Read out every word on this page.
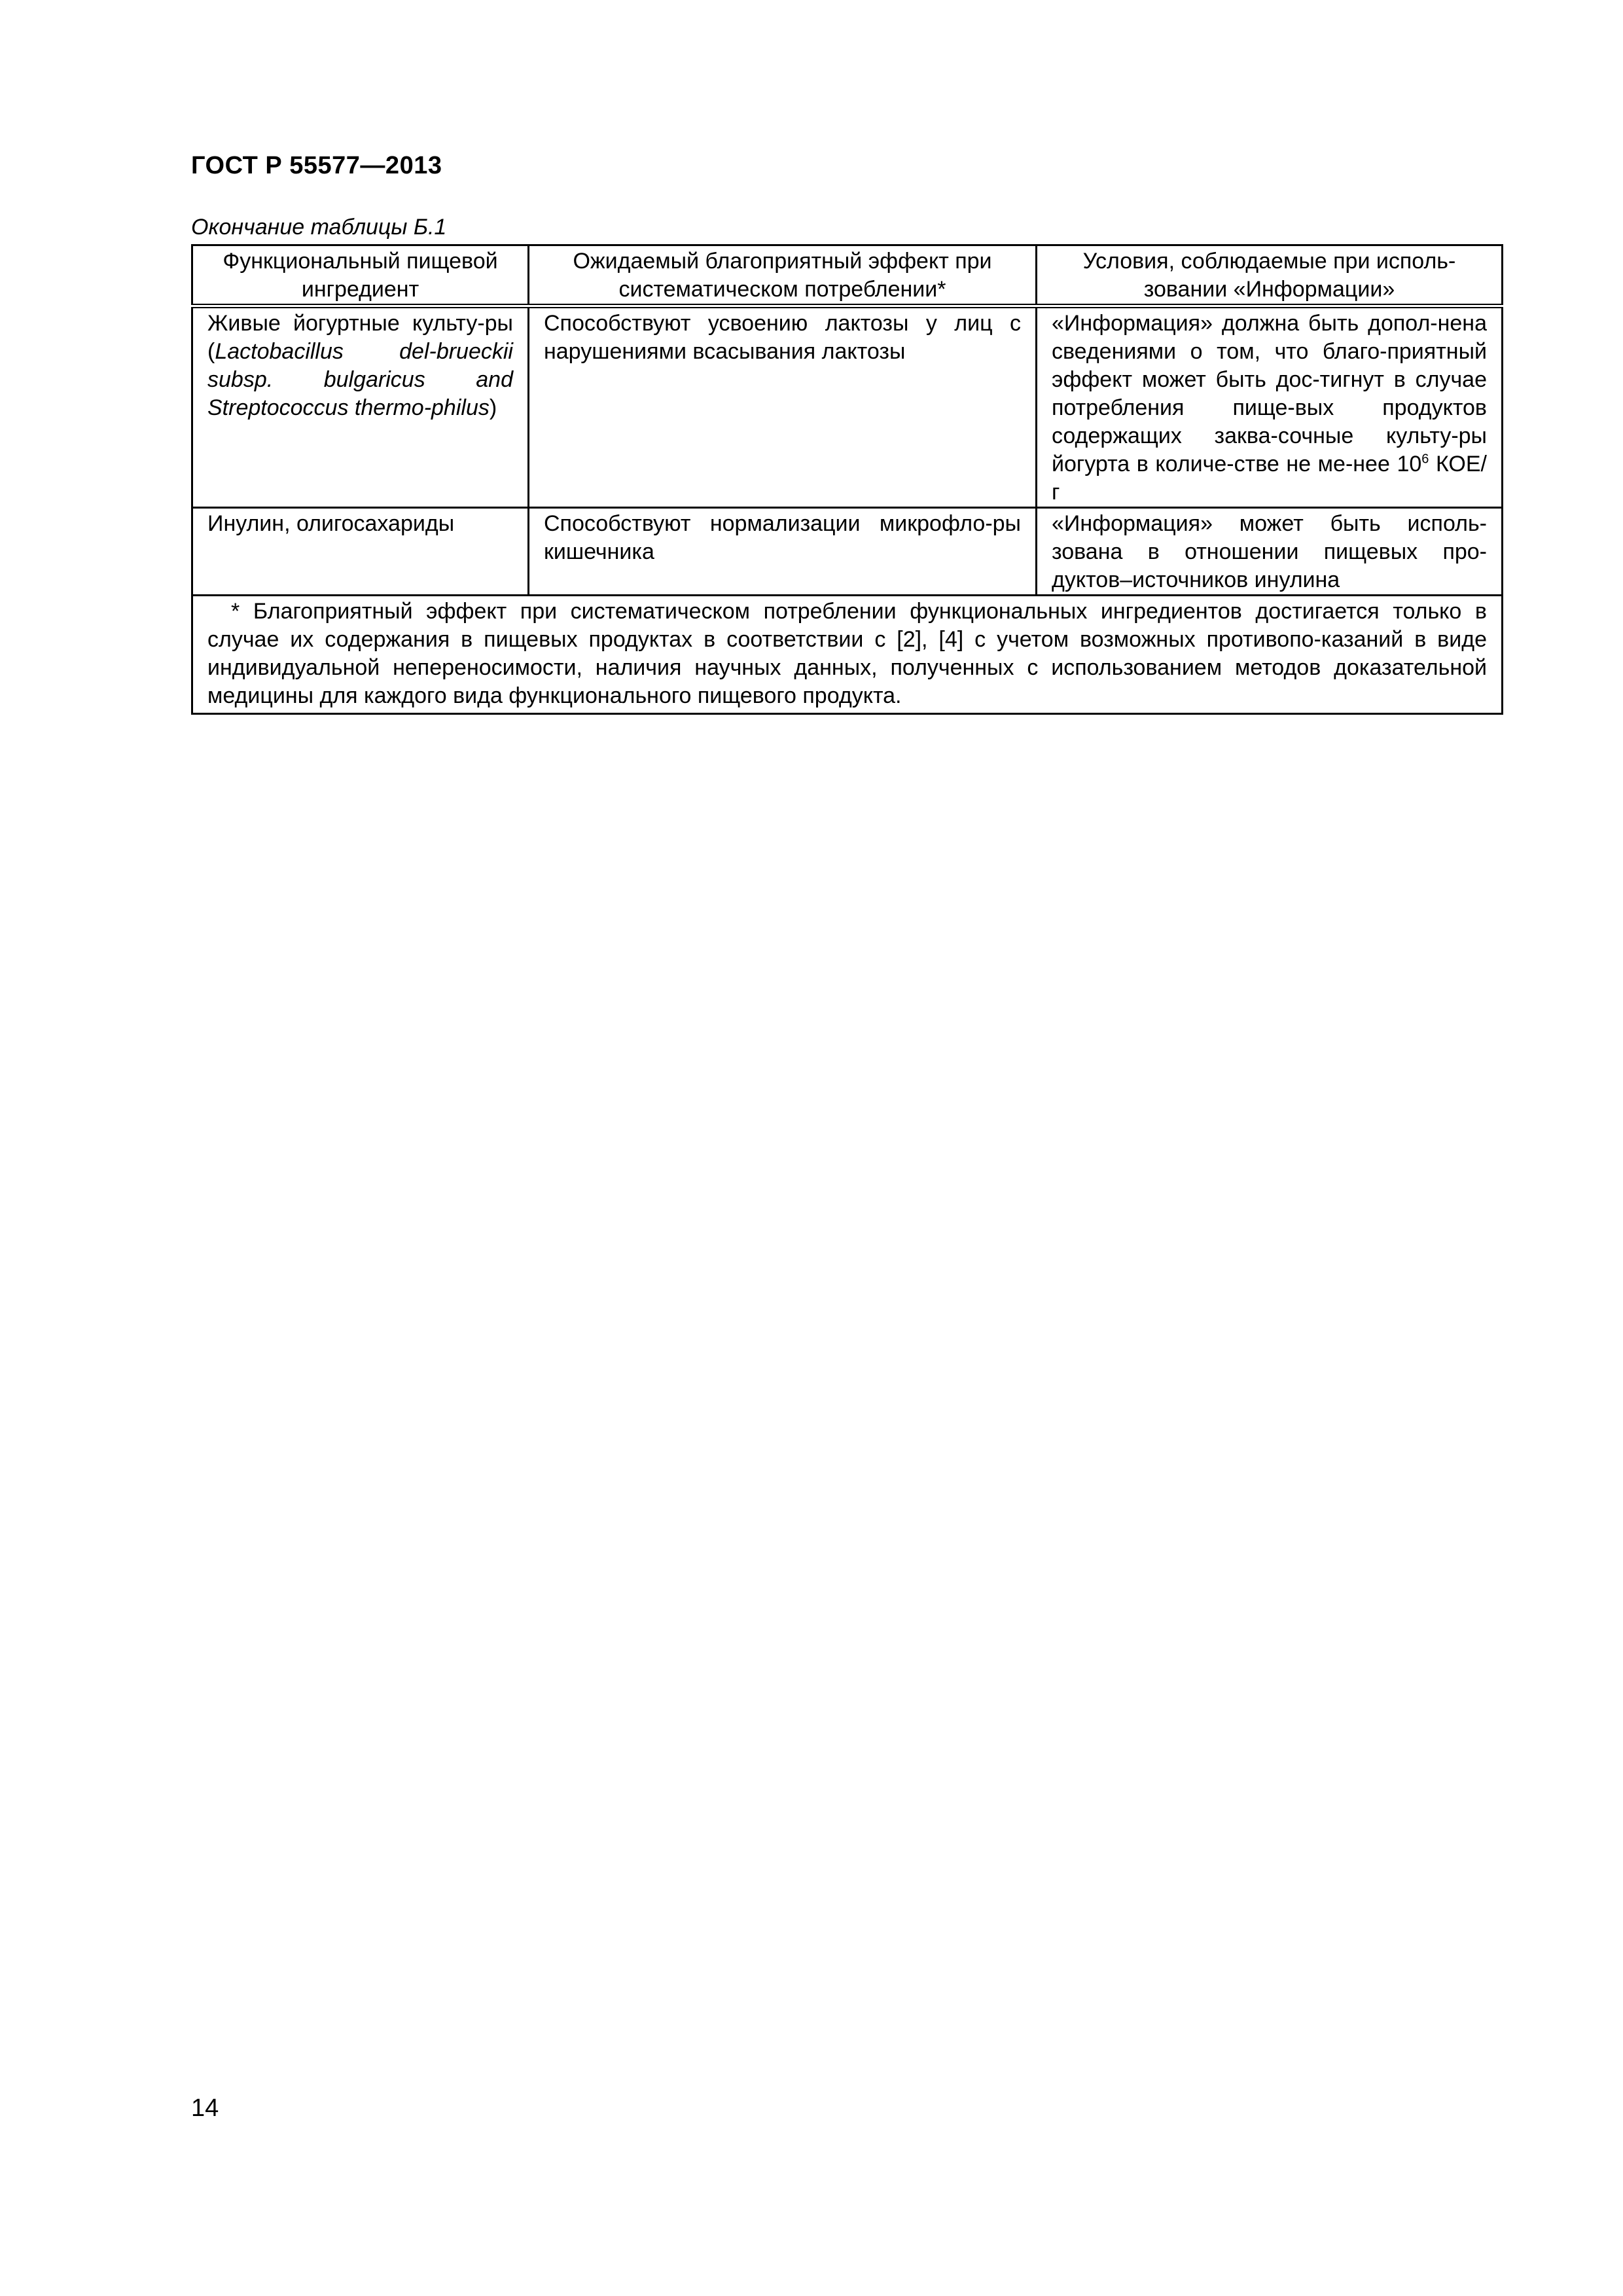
ГОСТ Р 55577—2013
Окончание таблицы Б.1
Функциональный пищевой ингредиент	Ожидаемый благоприятный эффект при систематическом потреблении*	Условия, соблюдаемые при исполь-зовании «Информации»
Живые йогуртные культу-ры (Lactobacillus del-brueckii subsp. bulgaricus and Streptococcus thermo-philus)	Способствуют усвоению лактозы у лиц с нарушениями всасывания лактозы	«Информация» должна быть допол-нена сведениями о том, что благо-приятный эффект может быть дос-тигнут в случае потребления пище-вых продуктов содержащих заква-сочные культу-ры йогурта в количе-стве не ме-нее $10^6$ КОЕ/г
Инулин, олигосахариды	Способствуют нормализации микрофло-ры кишечника	«Информация» может быть исполь-зована в отношении пищевых про-дуктов–источников инулина
* Благоприятный эффект при систематическом потреблении функциональных ингредиентов достигается только в случае их содержания в пищевых продуктах в соответствии с [2], [4] с учетом возможных противопо-казаний в виде индивидуальной непереносимости, наличия научных данных, полученных с использованием методов доказательной медицины для каждого вида функционального пищевого продукта.		
14
